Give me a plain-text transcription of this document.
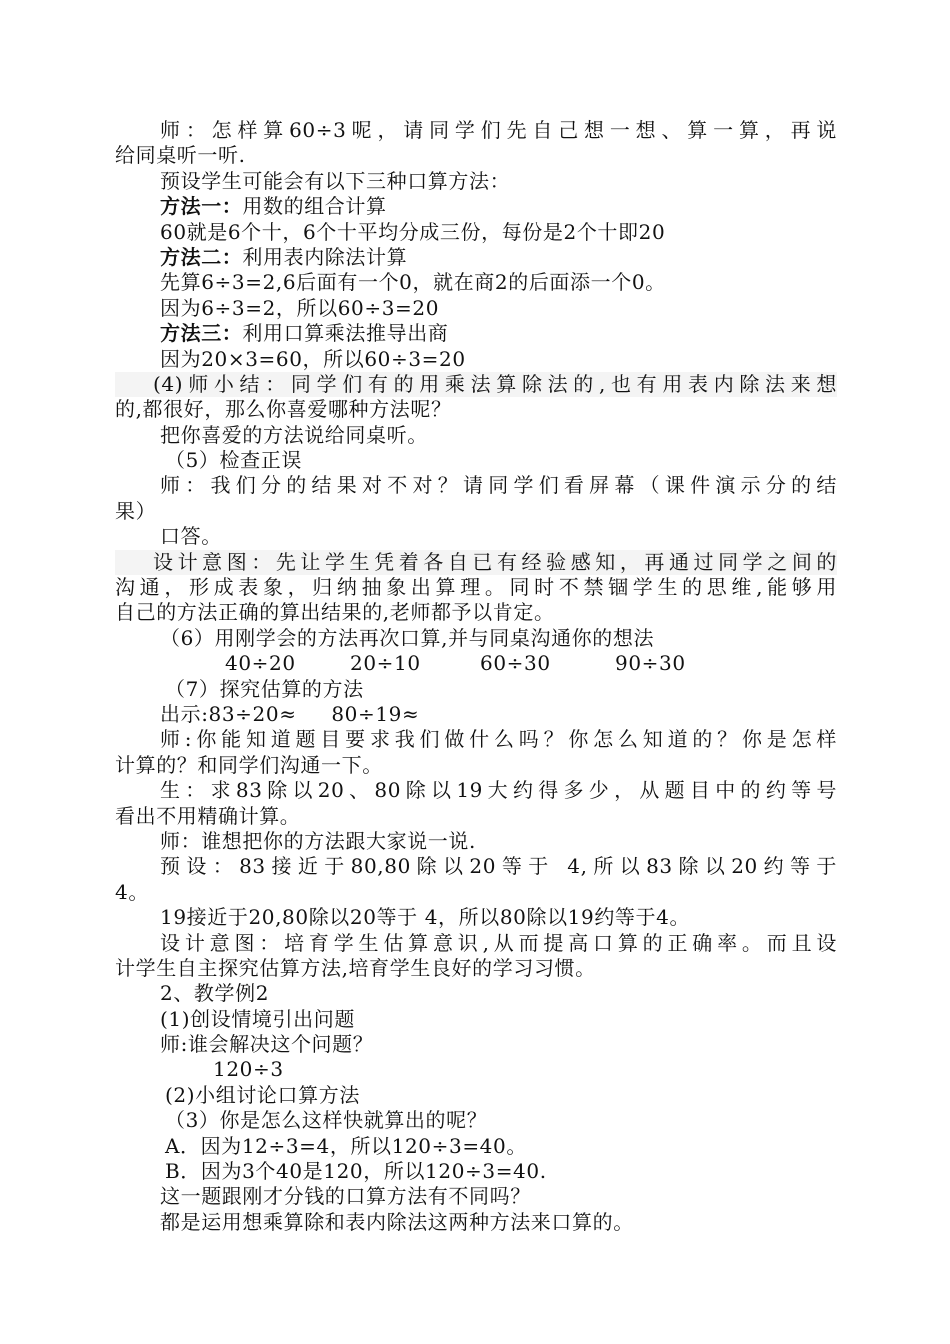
师：怎样算60÷3呢，请同学们先自己想一想、算一算，再说
给同桌听一听.
预设学生可能会有以下三种口算方法：
方法一：用数的组合计算
60就是6个十，6个十平均分成三份，每份是2个十即20
方法二：利用表内除法计算
先算6÷3=2,6后面有一个0，就在商2的后面添一个0。
因为6÷3=2，所以60÷3=20
方法三：利用口算乘法推导出商
因为20×3=60，所以60÷3=20
(4)师小结：同学们有的用乘法算除法的,也有用表内除法来想
的,都很好，那么你喜爱哪种方法呢？
把你喜爱的方法说给同桌听。
（5）检查正误
师：我们分的结果对不对？请同学们看屏幕（课件演示分的结
果）
口答。
设计意图：先让学生凭着各自已有经验感知，再通过同学之间的
沟通，形成表象，归纳抽象出算理。同时不禁锢学生的思维,能够用
自己的方法正确的算出结果的,老师都予以肯定。
（6）用刚学会的方法再次口算,并与同桌沟通你的想法
40÷20	20÷10	60÷30	90÷30
（7）探究估算的方法
出示:83÷20≈     80÷19≈
师:你能知道题目要求我们做什么吗？你怎么知道的？你是怎样
计算的？和同学们沟通一下。
生：求83除以20、80除以19大约得多少，从题目中的约等号
看出不用精确计算。
师：谁想把你的方法跟大家说一说.
预设：83接近于80,80除以20等于 4,所以83除以20约等于
4。
19接近于20,80除以20等于 4，所以80除以19约等于4。
设计意图：培育学生估算意识,从而提高口算的正确率。而且设
计学生自主探究估算方法,培育学生良好的学习习惯。
2、教学例2
(1)创设情境引出问题
师:谁会解决这个问题？
120÷3
(2)小组讨论口算方法
（3）你是怎么这样快就算出的呢？
A．因为12÷3=4，所以120÷3=40。
B．因为3个40是120，所以120÷3=40.
这一题跟刚才分钱的口算方法有不同吗？
都是运用想乘算除和表内除法这两种方法来口算的。
